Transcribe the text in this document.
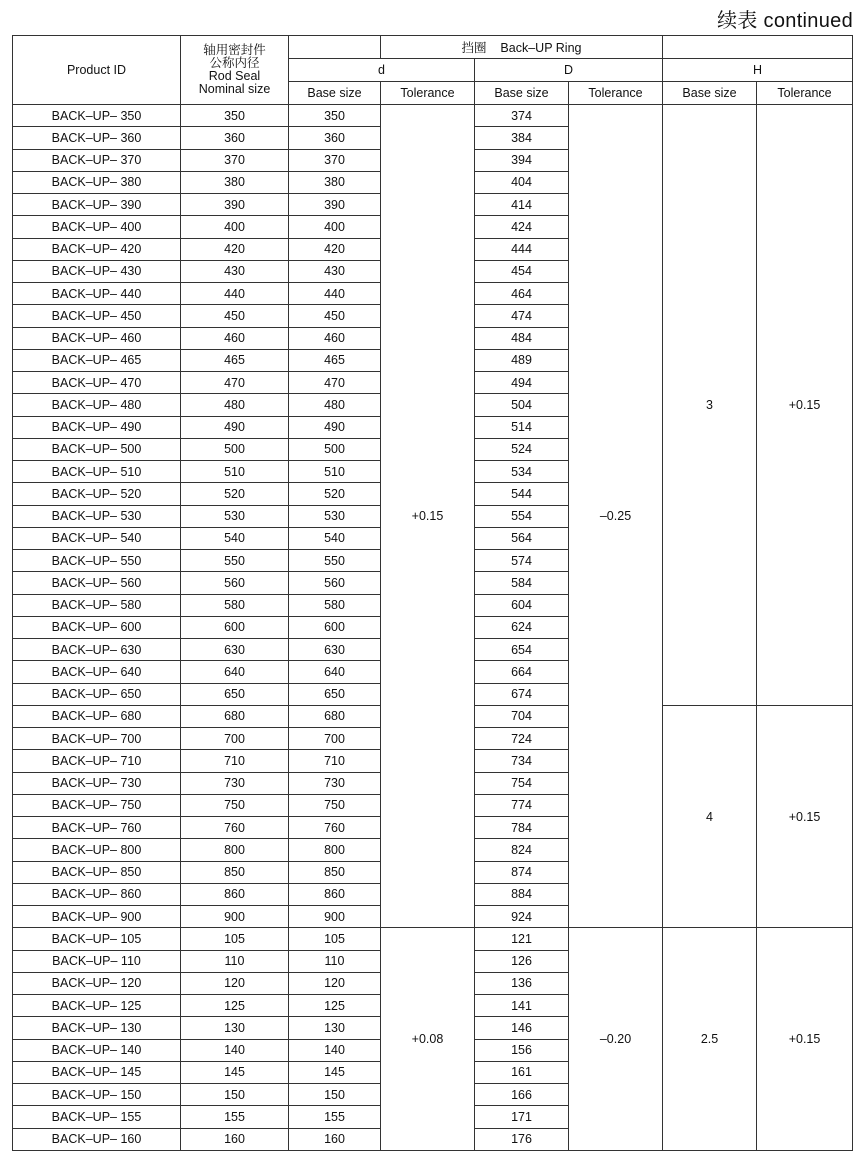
续表 continued
Product ID	轴用密封件
公称内径
Rod Seal
Nominal size		挡圈    Back–UP Ring				
		d		D		H	
		Base size	Tolerance	Base size	Tolerance	Base size	Tolerance
BACK–UP– 350	350	350	+0.15	374	–0.25	3	+0.15
BACK–UP– 360	360	360		384			
BACK–UP– 370	370	370		394			
BACK–UP– 380	380	380		404			
BACK–UP– 390	390	390		414			
BACK–UP– 400	400	400		424			
BACK–UP– 420	420	420		444			
BACK–UP– 430	430	430		454			
BACK–UP– 440	440	440		464			
BACK–UP– 450	450	450		474			
BACK–UP– 460	460	460		484			
BACK–UP– 465	465	465		489			
BACK–UP– 470	470	470		494			
BACK–UP– 480	480	480		504			
BACK–UP– 490	490	490		514			
BACK–UP– 500	500	500		524			
BACK–UP– 510	510	510		534			
BACK–UP– 520	520	520		544			
BACK–UP– 530	530	530		554			
BACK–UP– 540	540	540		564			
BACK–UP– 550	550	550		574			
BACK–UP– 560	560	560		584			
BACK–UP– 580	580	580		604			
BACK–UP– 600	600	600		624			
BACK–UP– 630	630	630		654			
BACK–UP– 640	640	640		664			
BACK–UP– 650	650	650		674			
BACK–UP– 680	680	680		704		4	+0.15
BACK–UP– 700	700	700		724			
BACK–UP– 710	710	710		734			
BACK–UP– 730	730	730		754			
BACK–UP– 750	750	750		774			
BACK–UP– 760	760	760		784			
BACK–UP– 800	800	800		824			
BACK–UP– 850	850	850		874			
BACK–UP– 860	860	860		884			
BACK–UP– 900	900	900		924			
BACK–UP– 105	105	105	+0.08	121	–0.20	2.5	+0.15
BACK–UP– 110	110	110		126			
BACK–UP– 120	120	120		136			
BACK–UP– 125	125	125		141			
BACK–UP– 130	130	130		146			
BACK–UP– 140	140	140		156			
BACK–UP– 145	145	145		161			
BACK–UP– 150	150	150		166			
BACK–UP– 155	155	155		171			
BACK–UP– 160	160	160		176			
